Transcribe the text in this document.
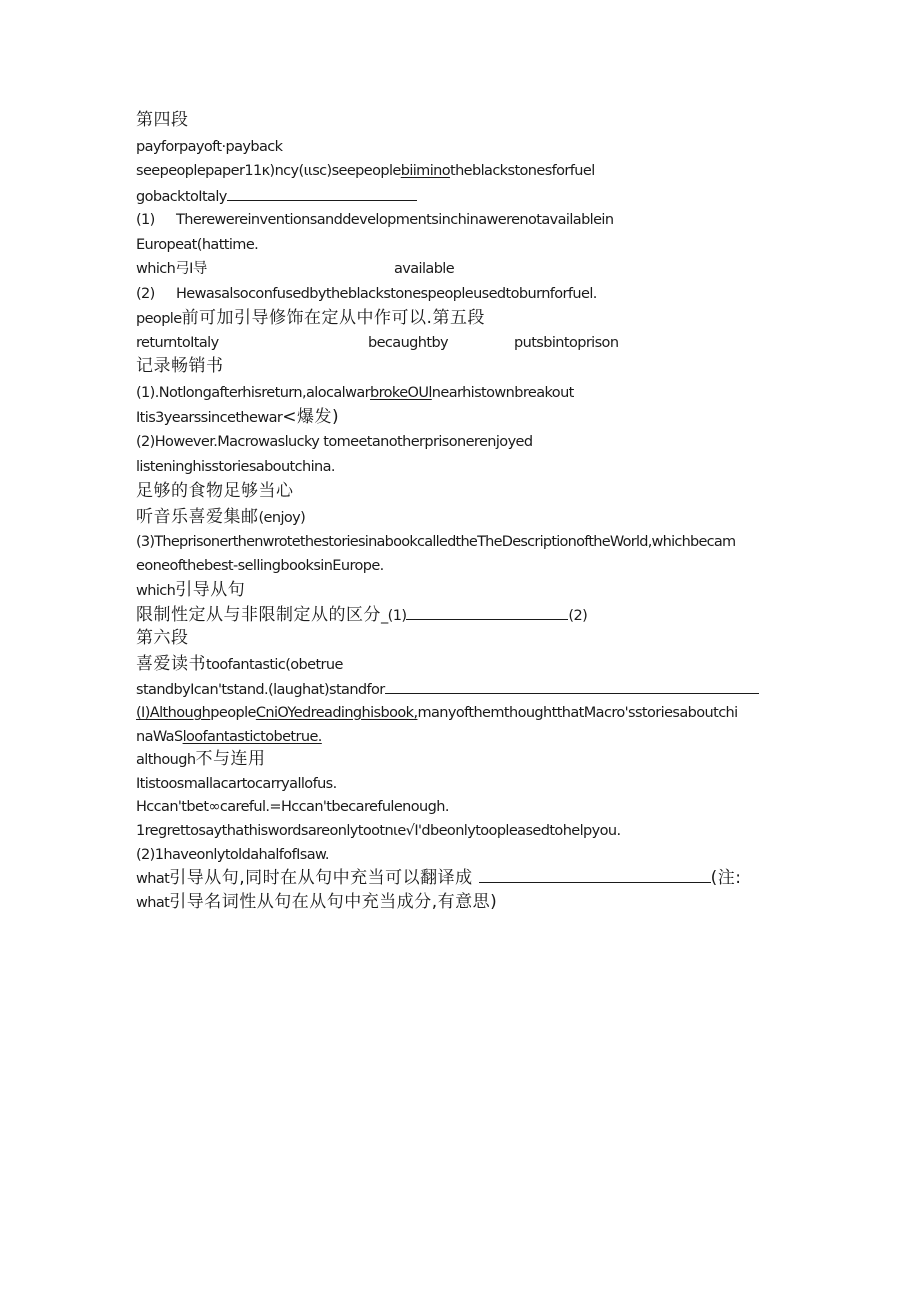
第四段
payforpayoft·payback
seepeoplepaper11κ)ncy(ιιsc)seepeoplebiiminotheblackstonesforfuel
gobacktoItaly
(1) Therewereinventionsanddevelopmentsinchinawerenotavailablein
Europeat(hattime.
which弓I导	available
(2) Hewasalsoconfusedbytheblackstonespeopleusedtoburnforfuel.
people前可加引导修饰在定从中作可以.第五段
returntoItaly	becaughtby	putsbintoprison
记录畅销书
(1).Notlongafterhisreturn,alocalwarbrokeOUlnearhistownbreakout
Itis3yearssincethewar<爆发)
(2)However.Macrowaslucky tomeetanotherprisonerenjoyed
listeninghisstoriesaboutchina.
足够的食物足够当心
听音乐喜爱集邮(enjoy)
(3)TheprisonerthenwrotethestoriesinabookcalledtheTheDescriptionoftheWorld,whichbecam
eoneofthebest-sellingbooksinEurope.
which引导从句
限制性定从与非限制定从的区分_(1)	(2)
第六段
喜爱读书toofantastic(obetrue
standbyIcan'tstand.(laughat)standfor
(I)AlthoughpeopleCniOYedreadinghisbook,manyofthemthoughtthatMacro'sstoriesaboutchi
naWaSloofantastictobetrue.
although不与连用
Itistoosmallacartocarryallofus.
Hccan'tbet∞careful.=Hccan'tbecarefulenough.
1regrettosaythathiswordsareonlytootnιe√I'dbeonlytoopleasedtohelpyou.
(2)1haveonlytoldahalfofIsaw.
what引导从句,同时在从句中充当可以翻译成	(注:
what引导名词性从句在从句中充当成分,有意思)
